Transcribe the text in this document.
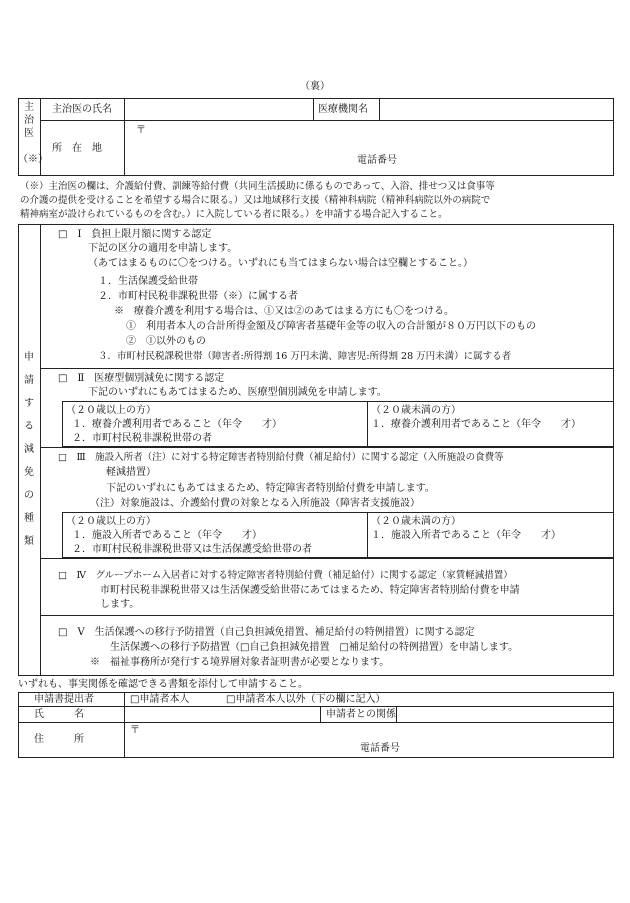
（裏）
主
治
医

（※）
主治医の氏名	医療機関名
所　在　地
〒
電話番号
（※）主治医の欄は、介護給付費、訓練等給付費（共同生活援助に係るものであって、入浴、排せつ又は食事等
の介護の提供を受けることを希望する場合に限る。）又は地域移行支援（精神科病院（精神科病院以外の病院で
精神病室が設けられているものを含む。）に入院している者に限る。）を申請する場合記入すること。
申
請
す
る
減
免
の
種
類
□　Ⅰ　負担上限月額に関する認定
下記の区分の適用を申請します。
（あてはまるものに〇をつける。いずれにも当てはまらない場合は空欄とすること。）
１．生活保護受給世帯
２．市町村民税非課税世帯（※）に属する者
※　療養介護を利用する場合は、①又は②のあてはまる方にも〇をつける。
①　利用者本人の合計所得金額及び障害者基礎年金等の収入の合計額が８０万円以下のもの
②　①以外のもの
３．市町村民税課税世帯（障害者:所得割 16 万円未満、障害児:所得割 28 万円未満）に属する者
□　Ⅱ　医療型個別減免に関する認定
下記のいずれにもあてはまるため、医療型個別減免を申請します。
（２０歳以上の方）
１．療養介護利用者であること（年令　　才）
２．市町村民税非課税世帯の者
（２０歳未満の方）
１．療養介護利用者であること（年令　　才）
□　Ⅲ　施設入所者（注）に対する特定障害者特別給付費（補足給付）に関する認定（入所施設の食費等
軽減措置）
下記のいずれにもあてはまるため、特定障害者特別給付費を申請します。
（注）対象施設は、介護給付費の対象となる入所施設（障害者支援施設）
（２０歳以上の方）
１．施設入所者であること（年令　　才）
２．市町村民税非課税世帯又は生活保護受給世帯の者
（２０歳未満の方）
１．施設入所者であること（年令　　才）
□　Ⅳ　グループホーム入居者に対する特定障害者特別給付費（補足給付）に関する認定（家賃軽減措置）
市町村民税非課税世帯又は生活保護受給世帯にあてはまるため、特定障害者特別給付費を申請
します。
□　Ⅴ　生活保護への移行予防措置（自己負担減免措置、補足給付の特例措置）に関する認定
生活保護への移行予防措置（□自己負担減免措置　□補足給付の特例措置）を申請します。
※　福祉事務所が発行する境界層対象者証明書が必要となります。
いずれも、事実関係を確認できる書類を添付して申請すること。
申請書提出者	□申請者本人	□申請者本人以外（下の欄に記入）
氏　　　名	申請者との関係
住　　　所
〒
電話番号
